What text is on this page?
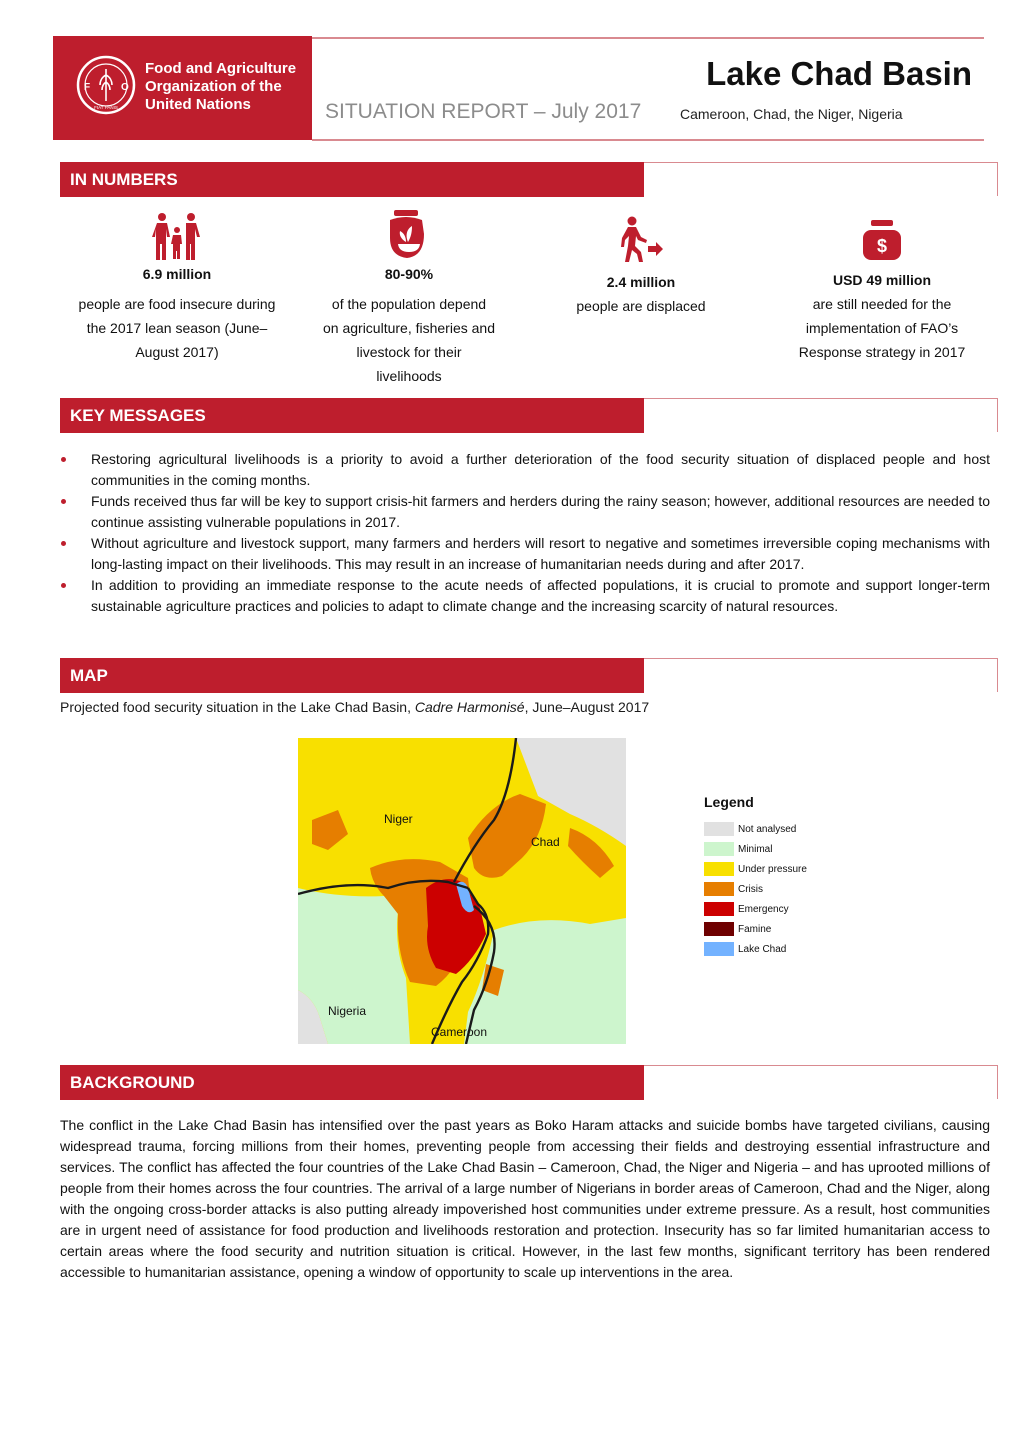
F	O
FIAT PANIS
Food and Agriculture
Organization of the
United Nations	SITUATION REPORT – July 2017
Lake Chad Basin
Cameroon, Chad, the Niger, Nigeria
IN NUMBERS
6.9 million
people are food insecure during
the 2017 lean season (June–
August 2017)
80-90%
of the population depend
on agriculture, fisheries and
livestock for their
livelihoods
2.4 million
people are displaced
$
USD 49 million
are still needed for the
implementation of FAO’s
Response strategy in 2017
KEY MESSAGES
Restoring agricultural livelihoods is a priority to avoid a further deterioration of the food security situation of displaced people and host communities in the coming months.
Funds received thus far will be key to support crisis-hit farmers and herders during the rainy season; however, additional resources are needed to continue assisting vulnerable populations in 2017.
Without agriculture and livestock support, many farmers and herders will resort to negative and sometimes irreversible coping mechanisms with long-lasting impact on their livelihoods. This may result in an increase of humanitarian needs during and after 2017.
In addition to providing an immediate response to the acute needs of affected populations, it is crucial to promote and support longer-term sustainable agriculture practices and policies to adapt to climate change and the increasing scarcity of natural resources.
MAP
Projected food security situation in the Lake Chad Basin, Cadre Harmonisé, June–August 2017
Niger
Chad
Nigeria
Cameroon
Legend
Not analysed
Minimal
Under pressure
Crisis
Emergency
Famine
Lake Chad
BACKGROUND

The conflict in the Lake Chad Basin has intensified over the past years as Boko Haram attacks and suicide bombs have targeted civilians, causing widespread trauma, forcing millions from their homes, preventing people from accessing their fields and destroying essential infrastructure and services. The conflict has affected the four countries of the Lake Chad Basin – Cameroon, Chad, the Niger and Nigeria – and has uprooted millions of people from their homes across the four countries. The arrival of a large number of Nigerians in border areas of Cameroon, Chad and the Niger, along with the ongoing cross-border attacks is also putting already impoverished host communities under extreme pressure. As a result, host communities are in urgent need of assistance for food production and livelihoods restoration and protection. Insecurity has so far limited humanitarian access to certain areas where the food security and nutrition situation is critical. However, in the last few months, significant territory has been rendered accessible to humanitarian assistance, opening a window of opportunity to scale up interventions in the area.
